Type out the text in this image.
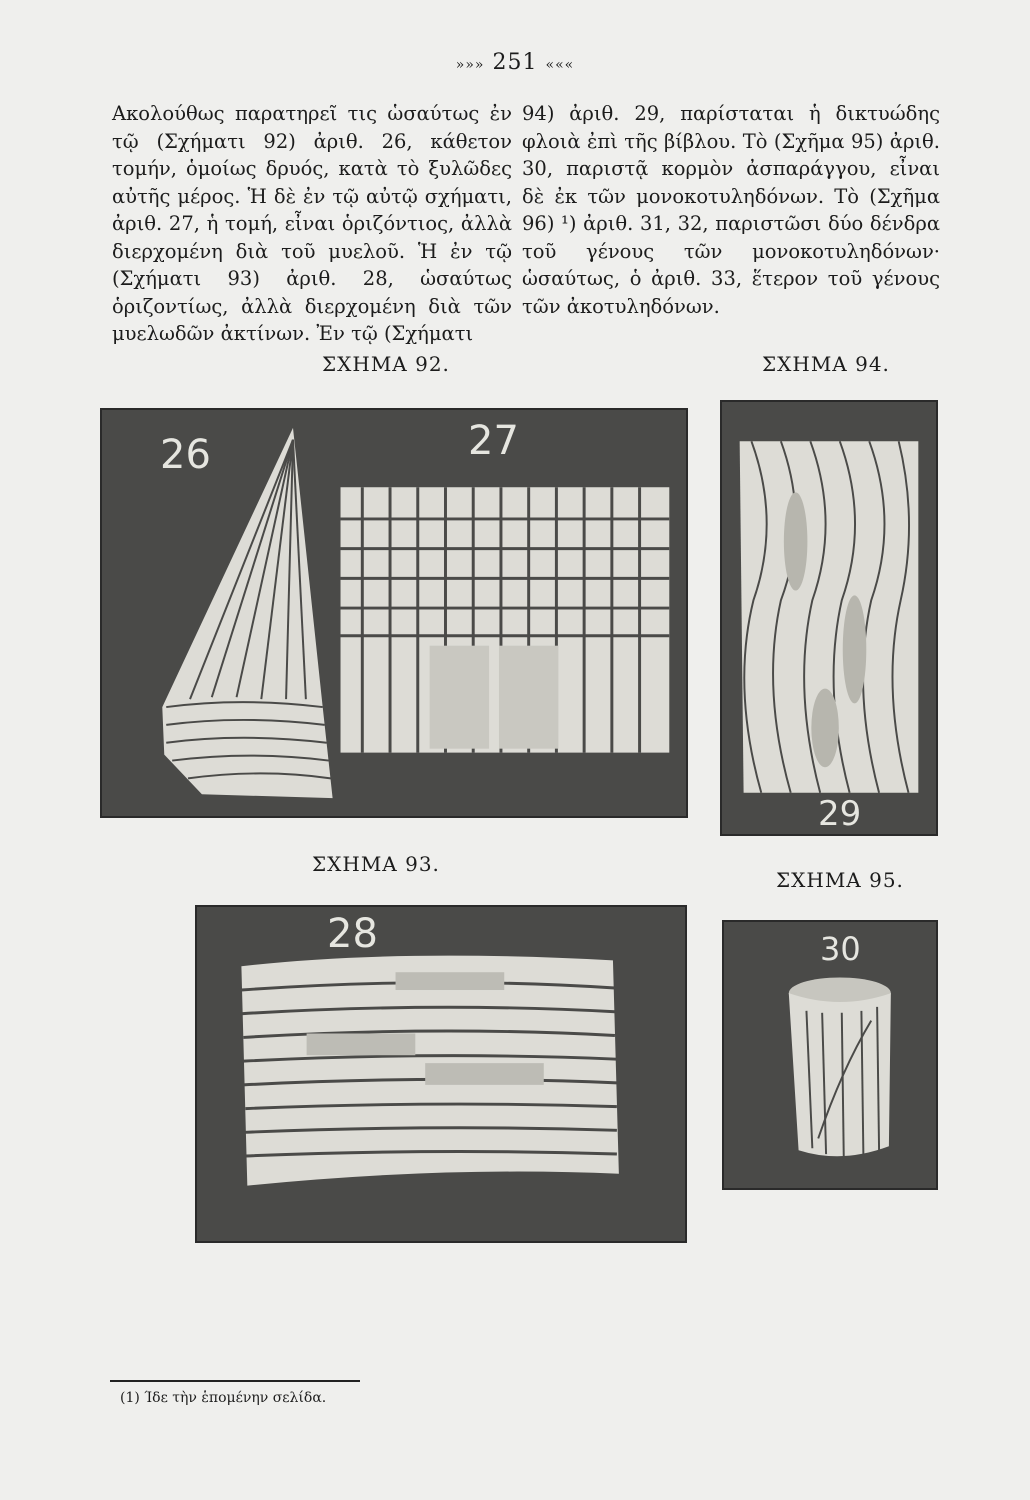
»»» 251 «««
Ακολούθως παρατηρεῖ τις ὡσαύτως ἐν τῷ (Σχήματι 92) ἀριθ. 26, κάθετον τομήν, ὁμοίως δρυός, κατὰ τὸ ξυλῶδες αὐτῆς μέρος. Ἡ δὲ ἐν τῷ αὐτῷ σχήματι, ἀριθ. 27, ἡ τομή, εἶναι ὁριζόντιος, ἀλλὰ διερχομένη διὰ τοῦ μυελοῦ. Ἡ ἐν τῷ (Σχήματι 93) ἀριθ. 28, ὡσαύτως ὁριζοντίως, ἀλλὰ διερχομένη διὰ τῶν μυελωδῶν ἀκτίνων. Ἐν τῷ (Σχήματι
94) ἀριθ. 29, παρίσταται ἡ δικτυώδης φλοιὰ ἐπὶ τῆς βίβλου. Τὸ (Σχῆμα 95) ἀριθ. 30, παριστᾷ κορμὸν ἀσπαράγγου, εἶναι δὲ ἐκ τῶν μονοκοτυληδόνων. Τὸ (Σχῆμα 96) ¹) ἀριθ. 31, 32, παριστῶσι δύο δένδρα τοῦ γένους τῶν μονοκοτυληδόνων· ὡσαύτως, ὁ ἀριθ. 33, ἕτερον τοῦ γένους τῶν ἀκοτυληδόνων.
ΣΧΗΜΑ 92.
26	27
ΣΧΗΜΑ 93.
28
ΣΧΗΜΑ 94.
29
ΣΧΗΜΑ 95.
30
(1) Ίδε τὴν ἑπομένην σελίδα.
